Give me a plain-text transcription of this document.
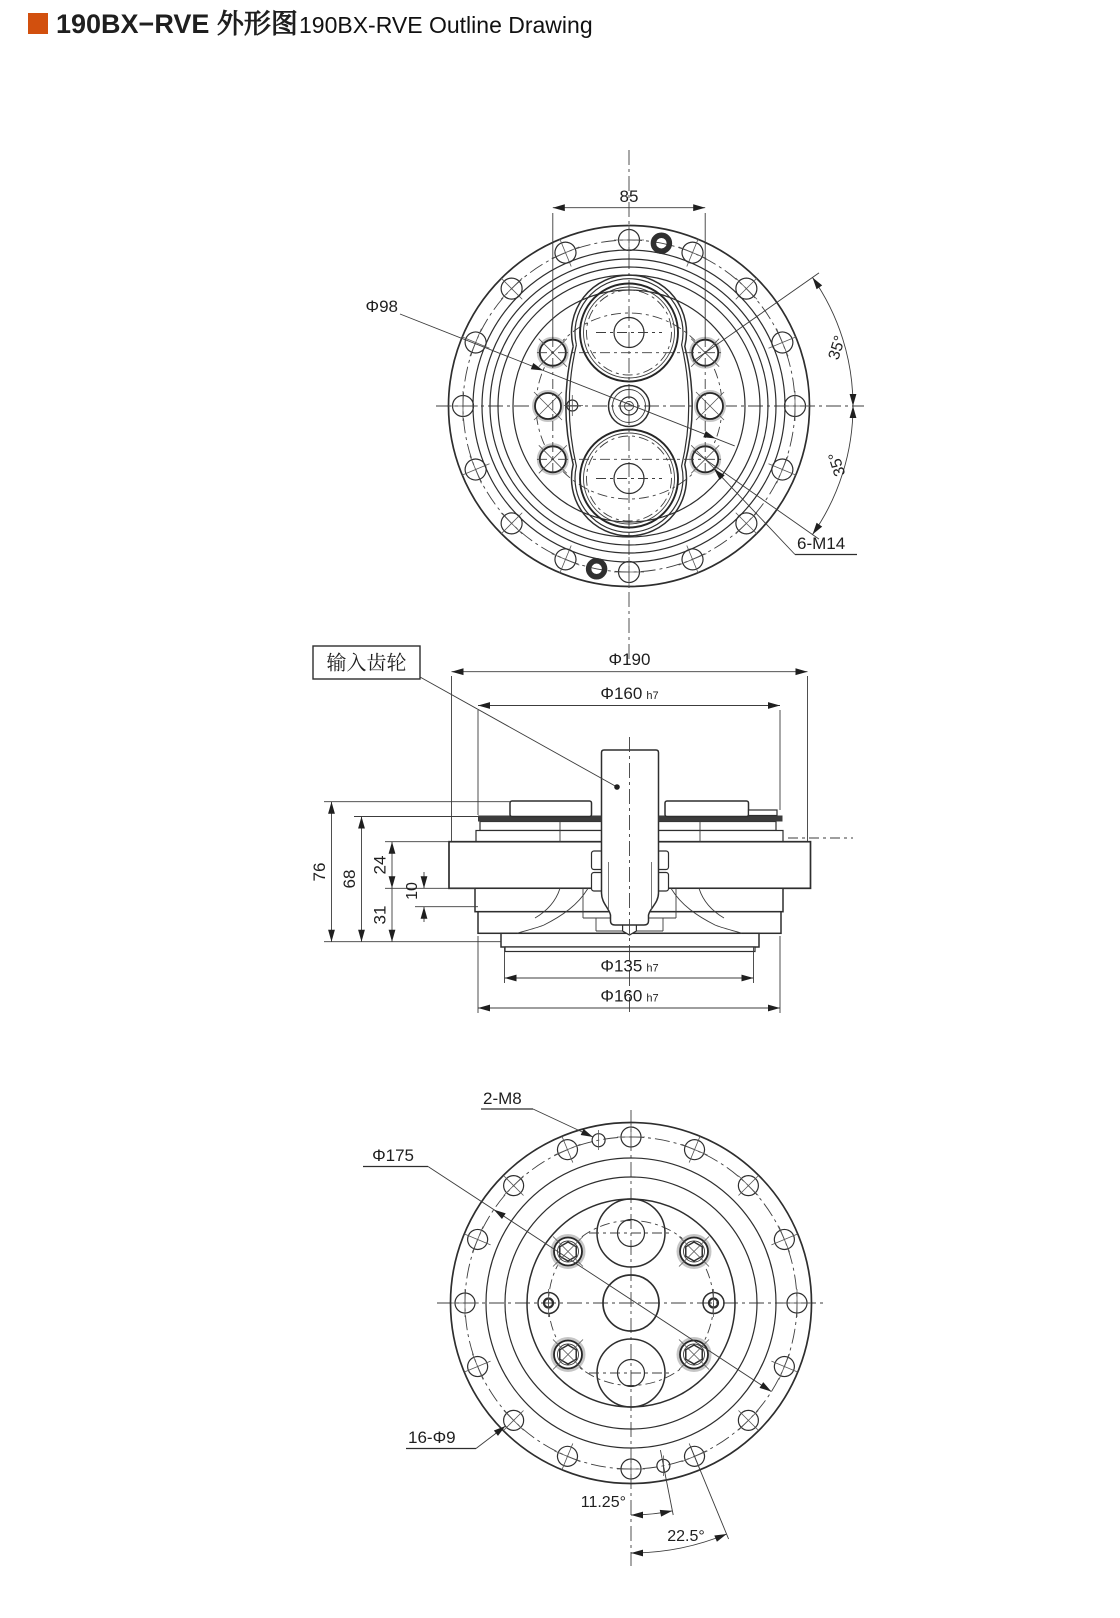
190BX−RVE 外形图 190BX-RVE Outline Drawing
85
Φ98
35°
35°
6-M14
输入齿轮	Φ190
Φ160 h7
Φ135 h7
Φ160 h7
76 68
24
31
10
2-M8
Φ175
16-Φ9
11.25°
22.5°
